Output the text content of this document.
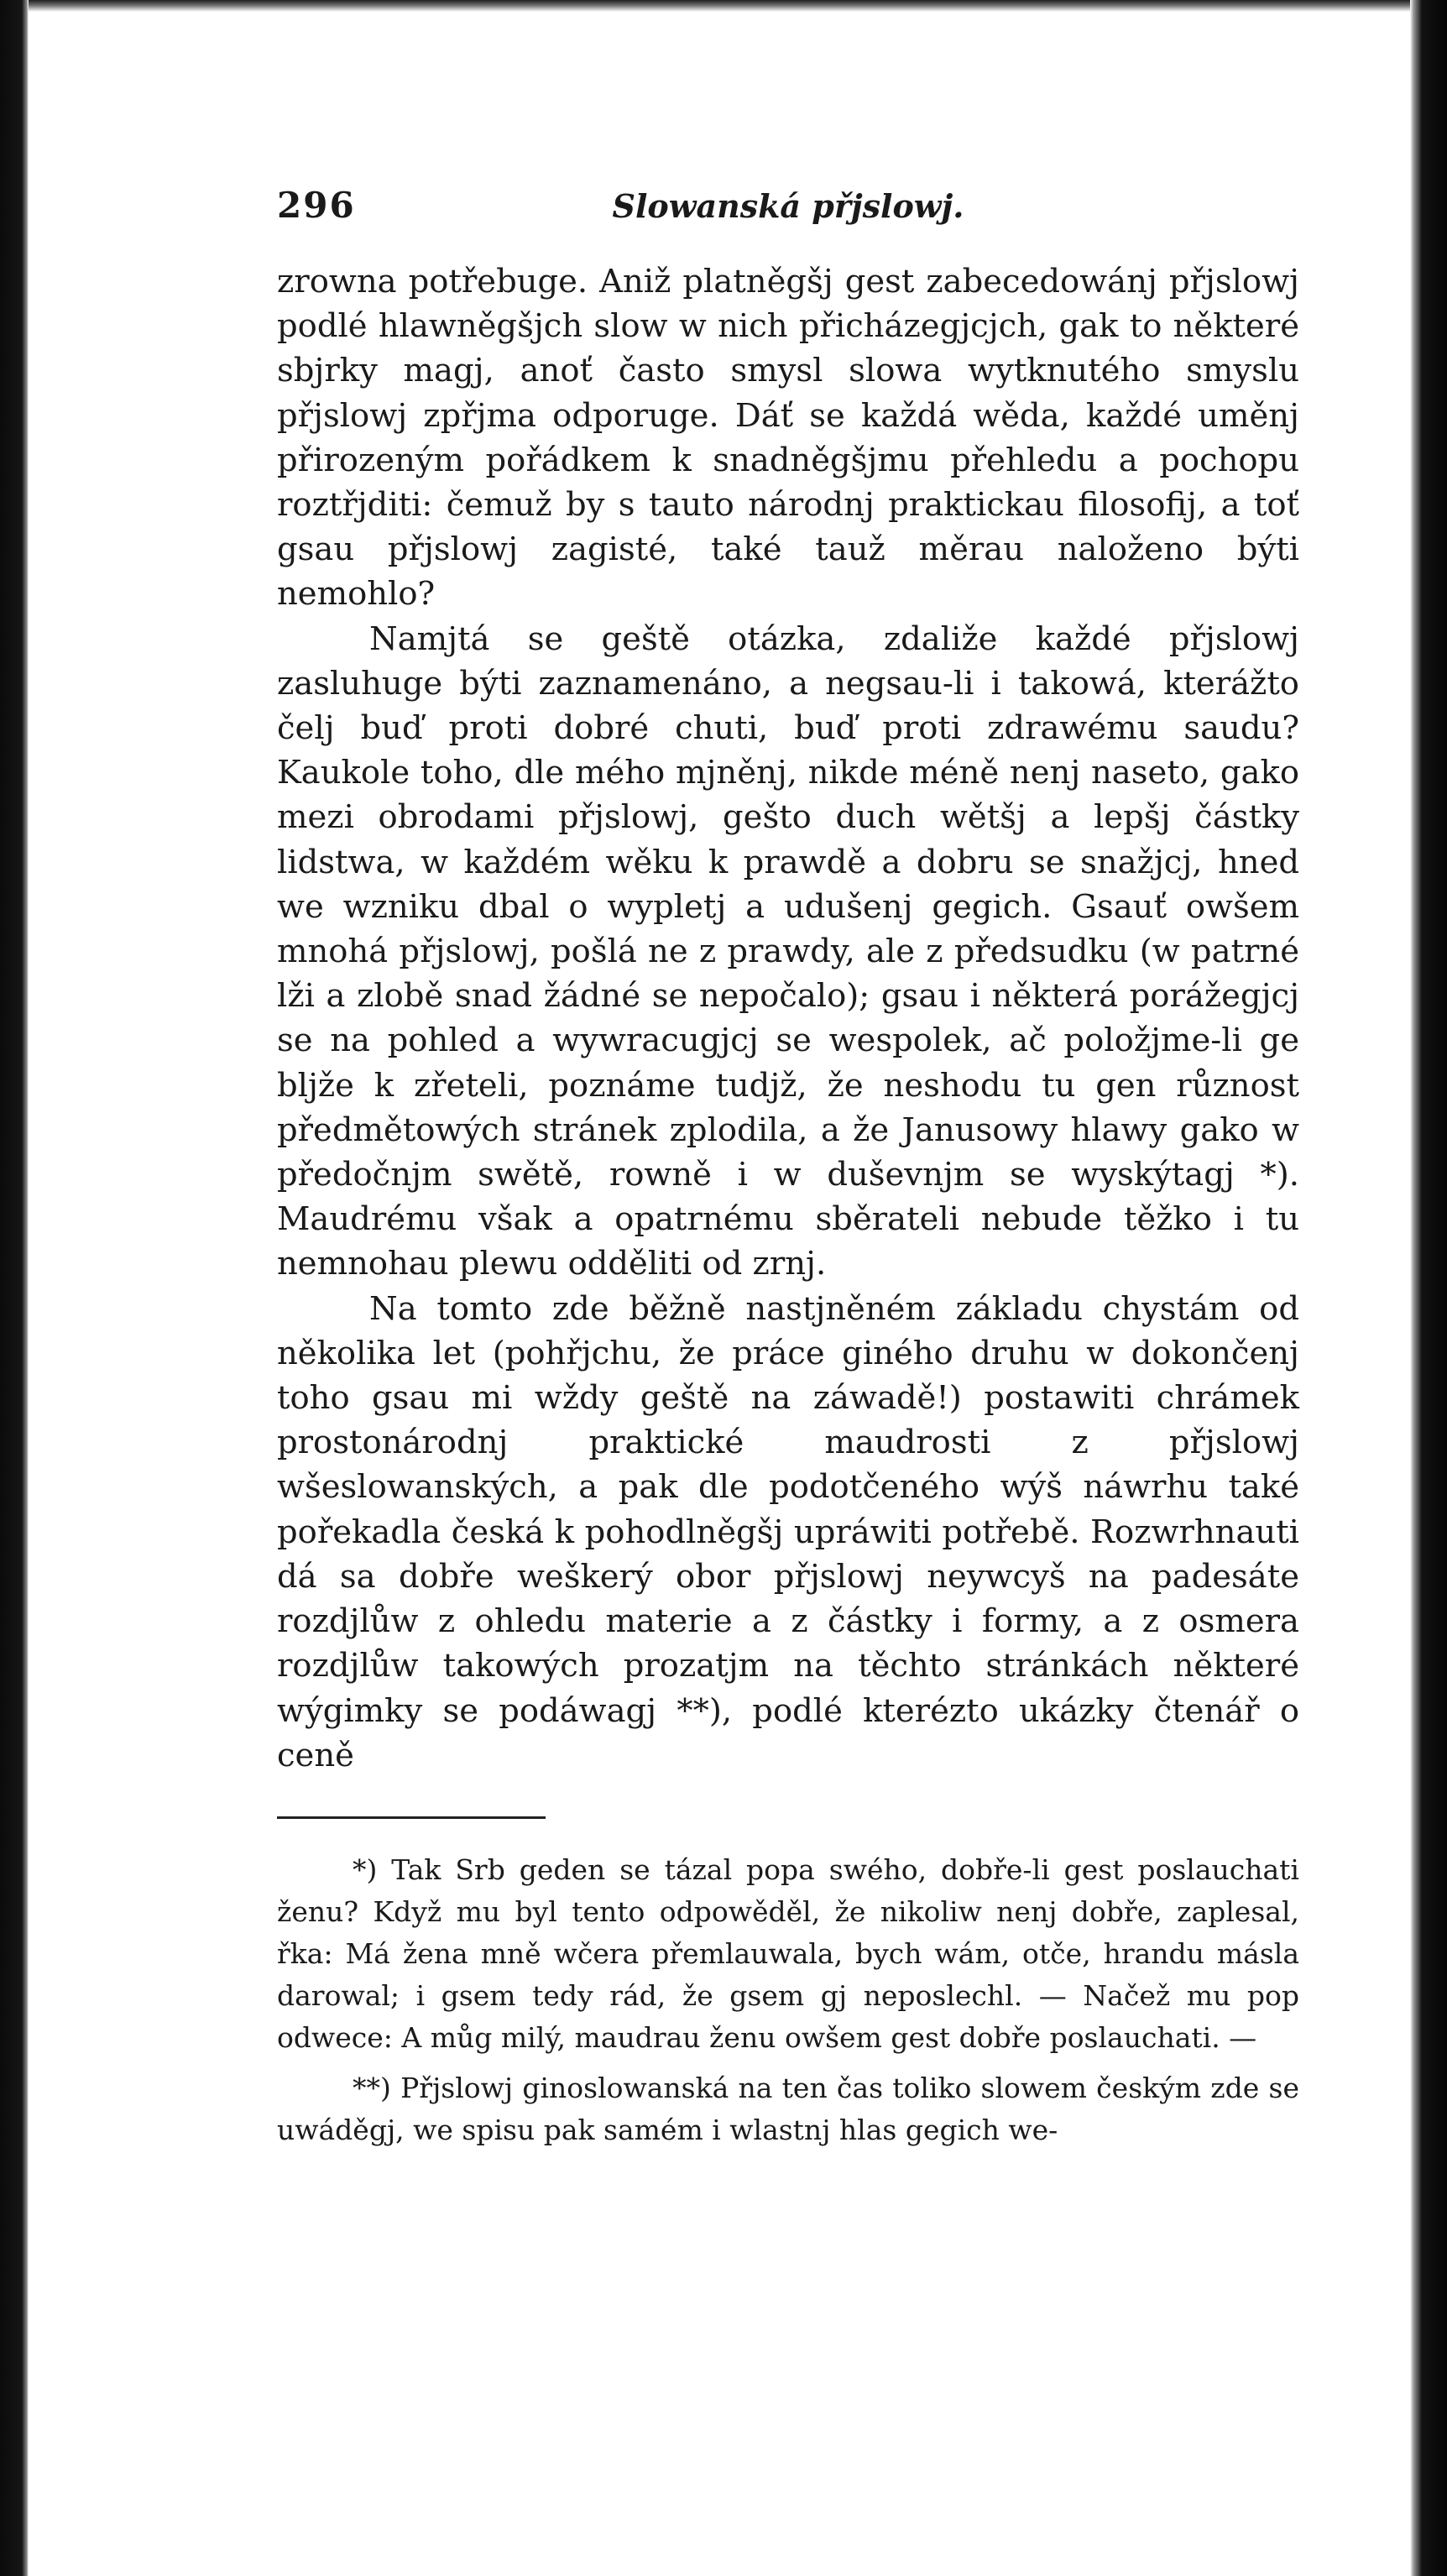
296	Slowanská přjslowj.

zrowna potřebuge. Aniž platněgšj gest zabecedowánj přjslowj podlé hlawněgšjch slow w nich přicházegjcjch, gak to některé sbjrky magj, anoť často smysl slowa wytknutého smyslu přjslowj zpřjma odporuge. Dáť se každá wěda, každé uměnj přirozeným pořádkem k snadněgšjmu přehledu a pochopu roztřjditi: čemuž by s tauto národnj praktickau filosofij, a toť gsau přjslowj zagisté, také tauž měrau naloženo býti nemohlo?

Namjtá se geště otázka, zdaliže každé přjslowj zasluhuge býti zaznamenáno, a negsau-li i takowá, kterážto čelj buď proti dobré chuti, buď proti zdrawému saudu? Kaukole toho, dle mého mjněnj, nikde méně nenj naseto, gako mezi obrodami přjslowj, gešto duch wětšj a lepšj částky lidstwa, w každém wěku k prawdě a dobru se snažjcj, hned we wzniku dbal o wypletj a udušenj gegich. Gsauť owšem mnohá přjslowj, pošlá ne z prawdy, ale z předsudku (w patrné lži a zlobě snad žádné se nepočalo); gsau i některá porážegjcj se na pohled a wywracugjcj se wespolek, ač položjme-li ge bljže k zřeteli, poznáme tudjž, že neshodu tu gen různost předmětowých stránek zplodila, a že Janusowy hlawy gako w předočnjm swětě, rowně i w duševnjm se wyskýtagj *). Maudrému však a opatrnému sběrateli nebude těžko i tu nemnohau plewu odděliti od zrnj.

Na tomto zde běžně nastjněném základu chystám od několika let (pohřjchu, že práce giného druhu w dokončenj toho gsau mi wždy geště na záwadě!) postawiti chrámek prostonárodnj praktické maudrosti z přjslowj wšeslowanských, a pak dle podotčeného wýš náwrhu také pořekadla česká k pohodlněgšj upráwiti potřebě. Rozwrhnauti dá sa dobře weškerý obor přjslowj neywcyš na padesáte rozdjlůw z ohledu materie a z částky i formy, a z osmera rozdjlůw takowých prozatjm na těchto stránkách některé wýgimky se podáwagj **), podlé kterézto ukázky čtenář o ceně

*) Tak Srb geden se tázal popa swého, dobře-li gest poslauchati ženu? Když mu byl tento odpowěděl, že nikoliw nenj dobře, zaplesal, řka: Má žena mně wčera přemlauwala, bych wám, otče, hrandu másla darowal; i gsem tedy rád, že gsem gj neposlechl. — Načež mu pop odwece: A můg milý, maudrau ženu owšem gest dobře poslauchati. —

**) Přjslowj ginoslowanská na ten čas toliko slowem českým zde se uwáděgj, we spisu pak samém i wlastnj hlas gegich we-
